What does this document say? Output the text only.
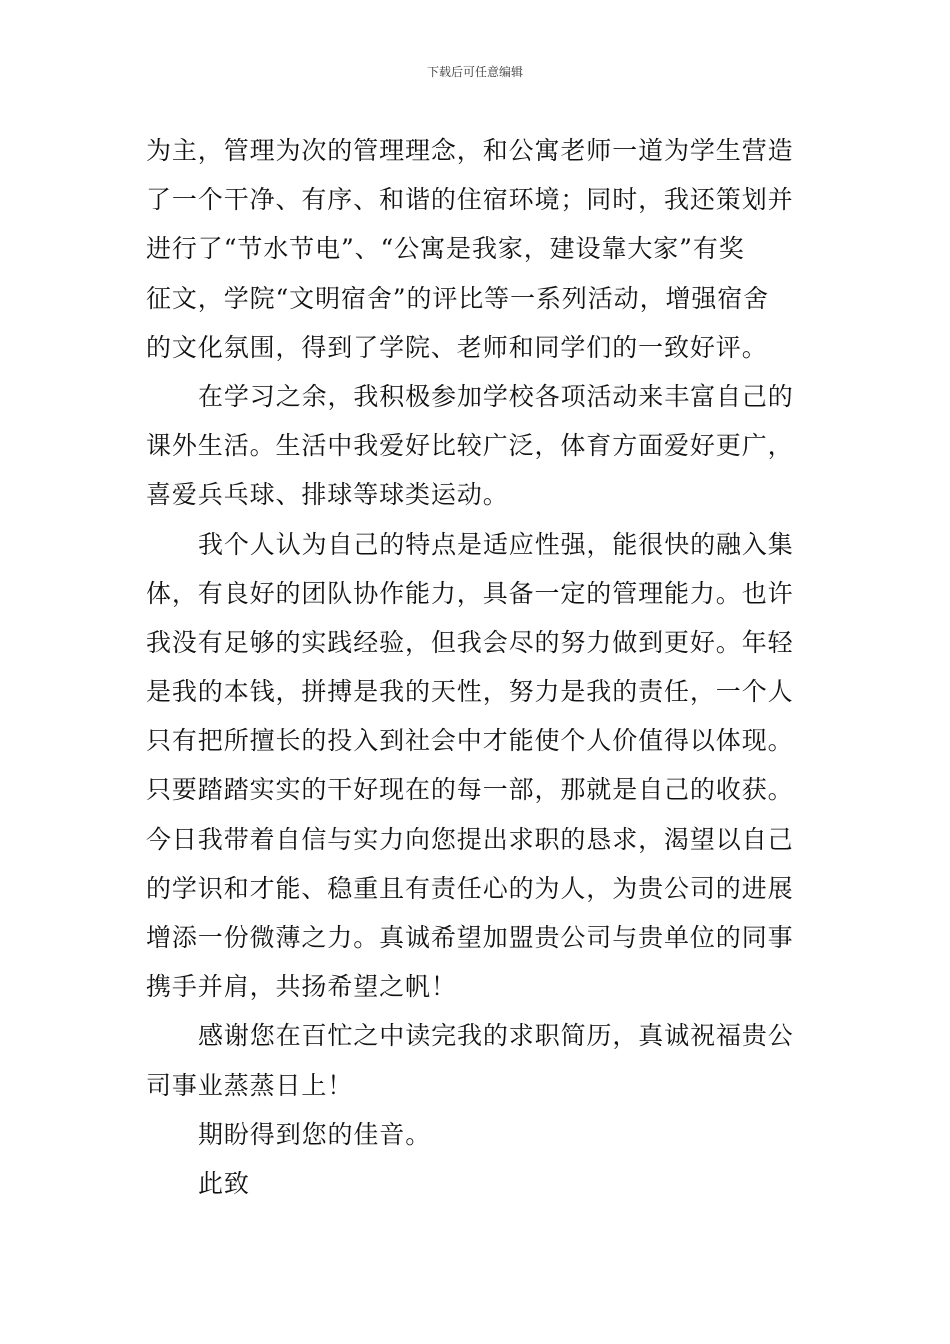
下载后可任意编辑
为主，管理为次的管理理念，和公寓老师一道为学生营造
了一个干净、有序、和谐的住宿环境；同时，我还策划并
进行了“节水节电”、“公寓是我家，建设靠大家”有奖
征文，学院“文明宿舍”的评比等一系列活动，增强宿舍
的文化氛围，得到了学院、老师和同学们的一致好评。
在学习之余，我积极参加学校各项活动来丰富自己的
课外生活。生活中我爱好比较广泛，体育方面爱好更广，
喜爱兵乓球、排球等球类运动。
我个人认为自己的特点是适应性强，能很快的融入集
体，有良好的团队协作能力，具备一定的管理能力。也许
我没有足够的实践经验，但我会尽的努力做到更好。年轻
是我的本钱，拼搏是我的天性，努力是我的责任，一个人
只有把所擅长的投入到社会中才能使个人价值得以体现。
只要踏踏实实的干好现在的每一部，那就是自己的收获。
今日我带着自信与实力向您提出求职的恳求，渴望以自己
的学识和才能、稳重且有责任心的为人，为贵公司的进展
增添一份微薄之力。真诚希望加盟贵公司与贵单位的同事
携手并肩，共扬希望之帆！
感谢您在百忙之中读完我的求职简历，真诚祝福贵公
司事业蒸蒸日上！
期盼得到您的佳音。
此致
